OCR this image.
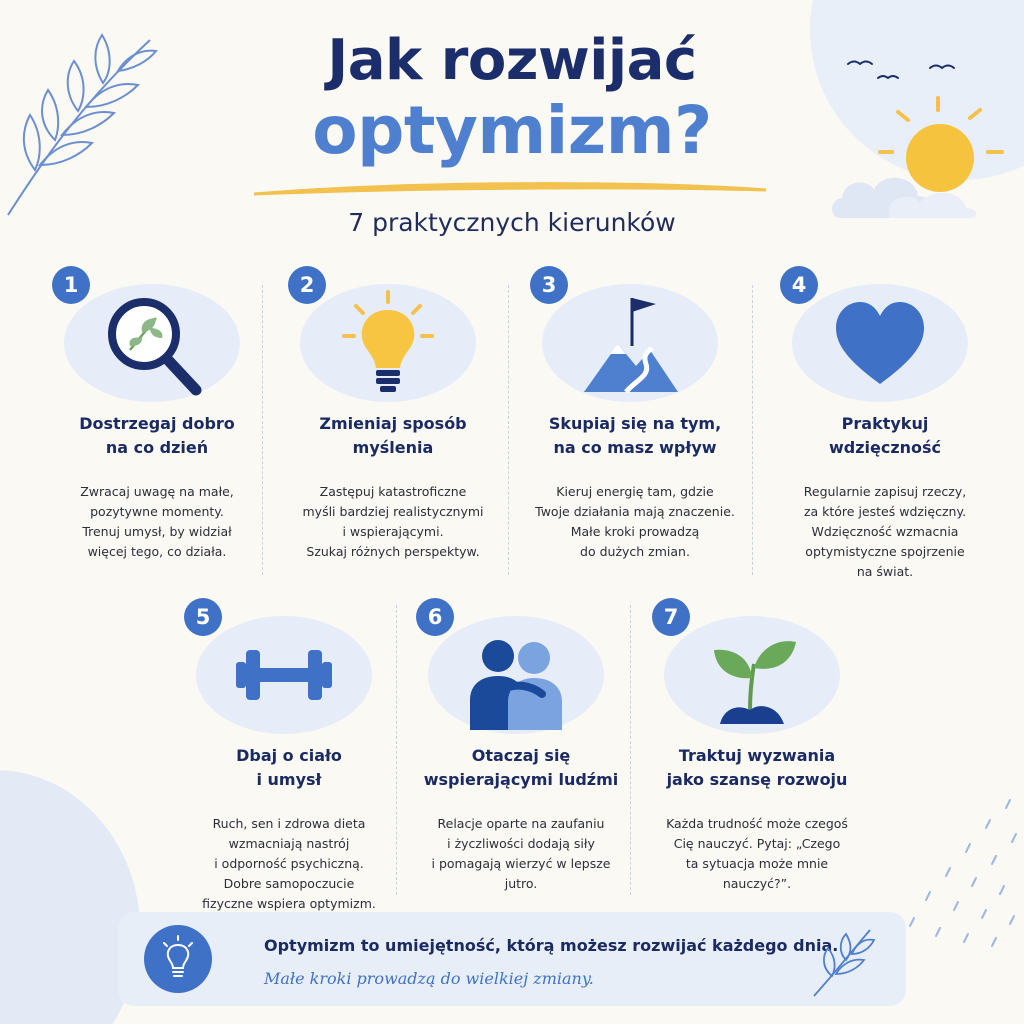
Jak rozwijać
optymizm?
7 praktycznych kierunków
1
Dostrzegaj dobro
na co dzień
Zwracaj uwagę na małe,
pozytywne momenty.
Trenuj umysł, by widział
więcej tego, co działa.
2
Zmieniaj sposób
myślenia
Zastępuj katastroficzne
myśli bardziej realistycznymi
i wspierającymi.
Szukaj różnych perspektyw.
3
Skupiaj się na tym,
na co masz wpływ
Kieruj energię tam, gdzie
Twoje działania mają znaczenie.
Małe kroki prowadzą
do dużych zmian.
4
Praktykuj
wdzięczność
Regularnie zapisuj rzeczy,
za które jesteś wdzięczny.
Wdzięczność wzmacnia
optymistyczne spojrzenie
na świat.
5
Dbaj o ciało
i umysł
Ruch, sen i zdrowa dieta
wzmacniają nastrój
i odporność psychiczną.
Dobre samopoczucie
fizyczne wspiera optymizm.
6
Otaczaj się
wspierającymi ludźmi
Relacje oparte na zaufaniu
i życzliwości dodają siły
i pomagają wierzyć w lepsze
jutro.
7
Traktuj wyzwania
jako szansę rozwoju
Każda trudność może czegoś
Cię nauczyć. Pytaj: „Czego
ta sytuacja może mnie
nauczyć?”.
Optymizm to umiejętność, którą możesz rozwijać każdego dnia.
Małe kroki prowadzą do wielkiej zmiany.
